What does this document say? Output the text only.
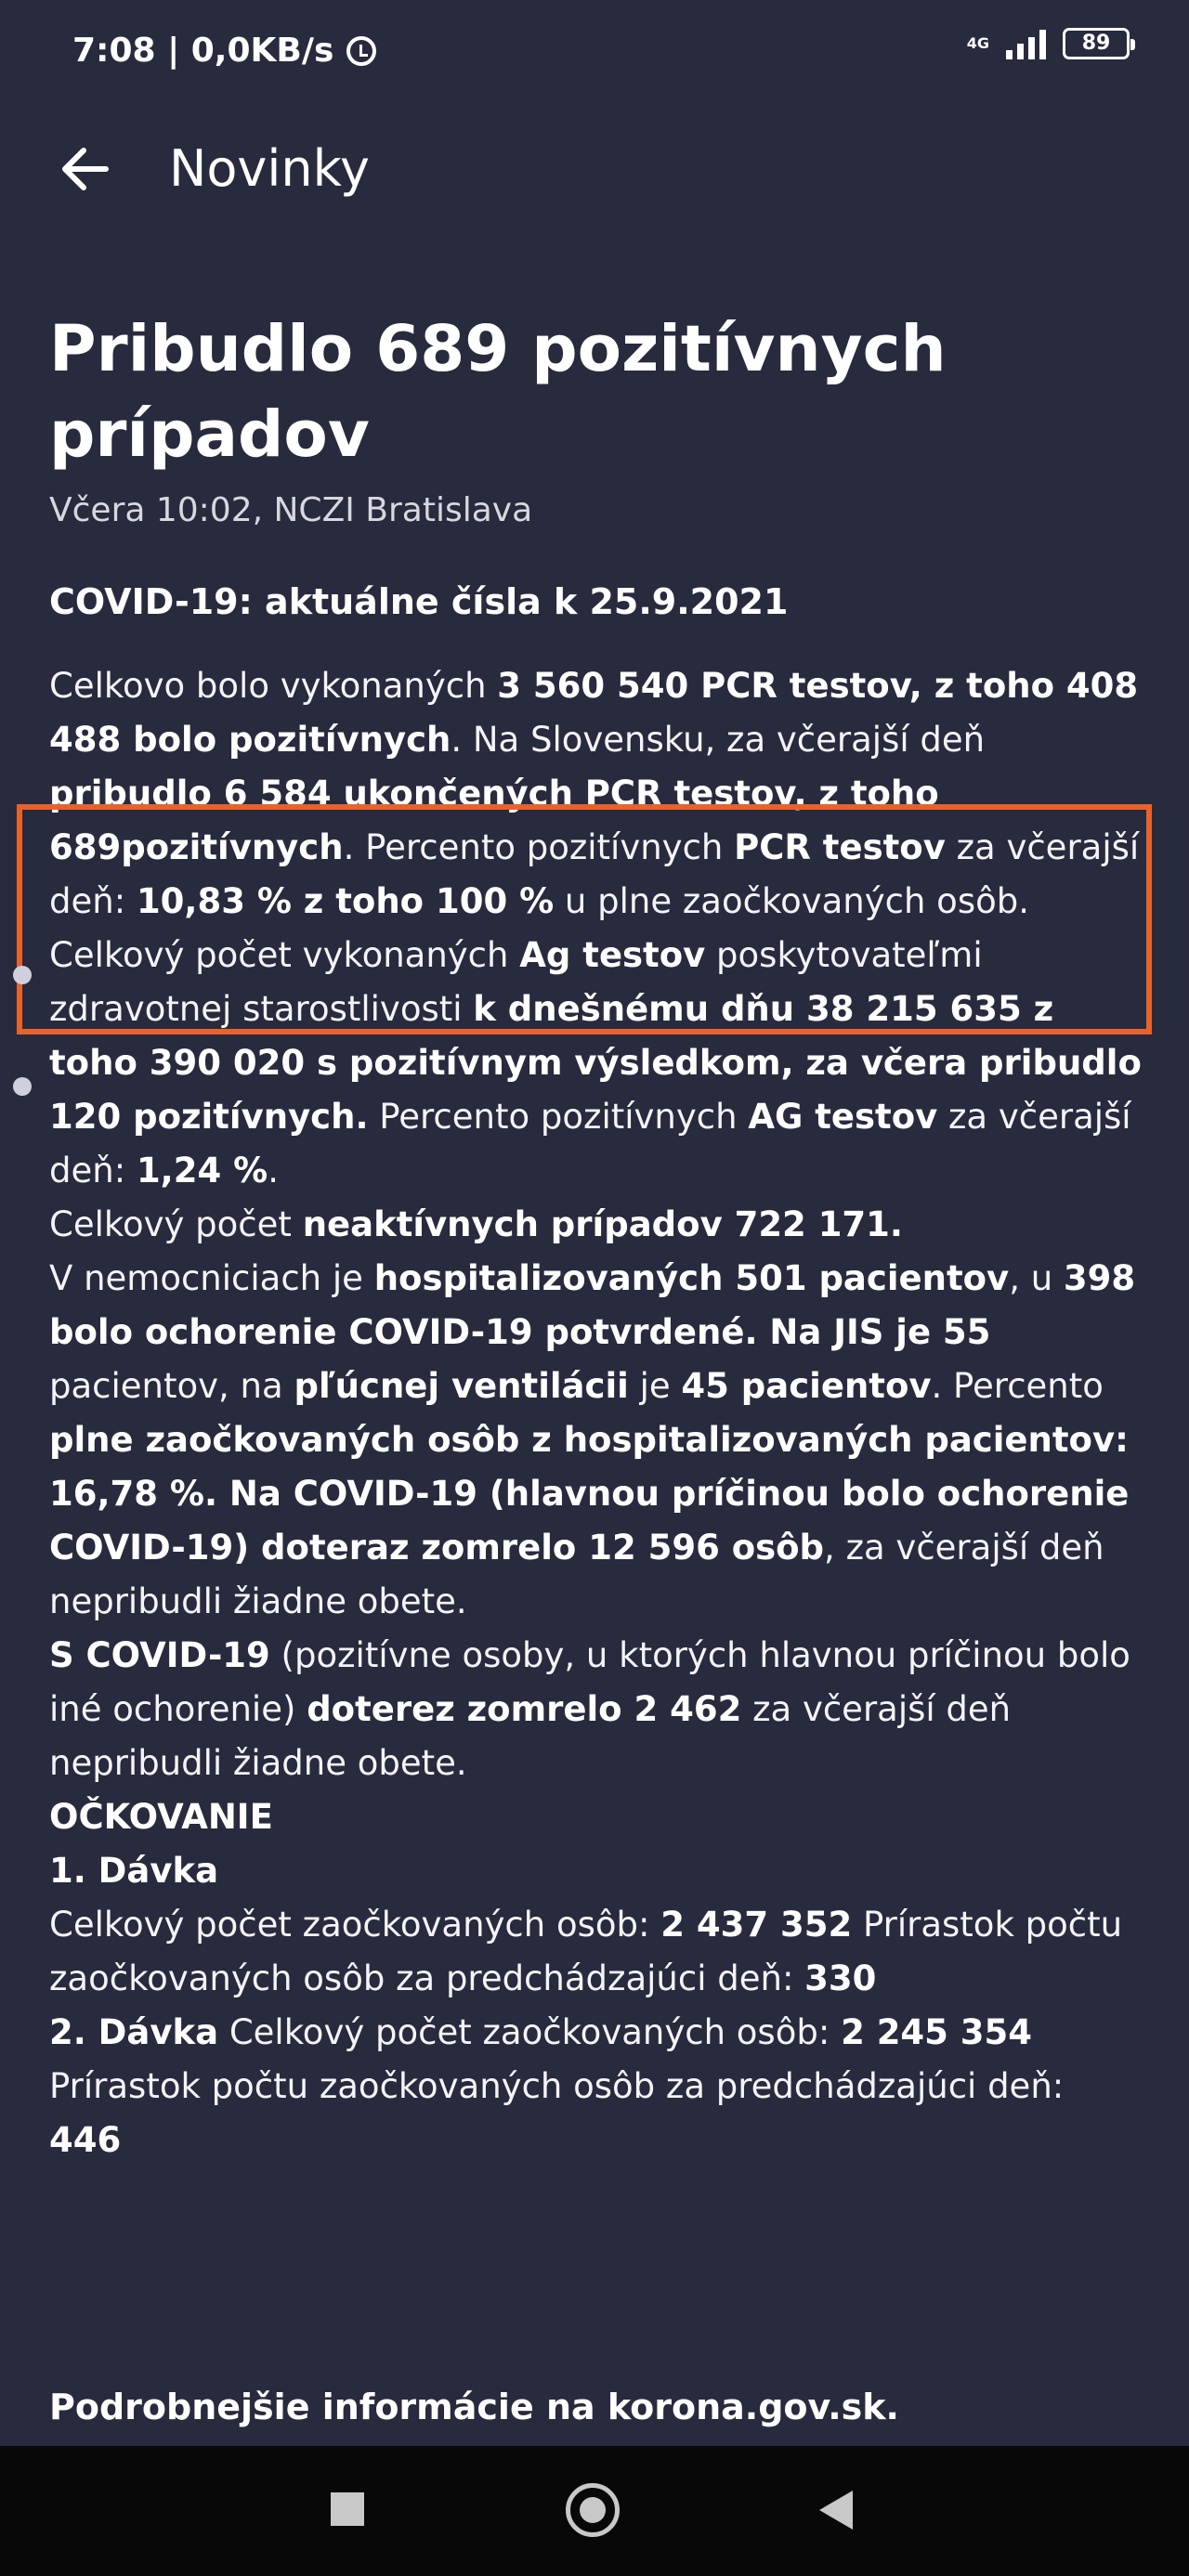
7:08 | 0,0KB/s	4G	89
Novinky
Pribudlo 689 pozitívnych prípadov
Včera 10:02, NCZI Bratislava
COVID-19: aktuálne čísla k 25.9.2021
Celkovo bolo vykonaných 3 560 540 PCR testov, z toho 408 488 bolo pozitívnych. Na Slovensku, za včerajší deň pribudlo 6 584 ukončených PCR testov, z toho 689pozitívnych. Percento pozitívnych PCR testov za včerajší deň: 10,83 % z toho 100 % u plne zaočkovaných osôb.
Celkový počet vykonaných Ag testov poskytovateľmi zdravotnej starostlivosti k dnešnému dňu 38 215 635 z toho 390 020 s pozitívnym výsledkom, za včera pribudlo 120 pozitívnych. Percento pozitívnych AG testov za včerajší deň: 1,24 %.
Celkový počet neaktívnych prípadov 722 171.
V nemocniciach je hospitalizovaných 501 pacientov, u 398 bolo ochorenie COVID-19 potvrdené. Na JIS je 55 pacientov, na pľúcnej ventilácii je 45 pacientov. Percento plne zaočkovaných osôb z hospitalizovaných pacientov: 16,78 %. Na COVID-19 (hlavnou príčinou bolo ochorenie COVID-19) doteraz zomrelo 12 596 osôb, za včerajší deň nepribudli žiadne obete.
S COVID-19 (pozitívne osoby, u ktorých hlavnou príčinou bolo iné ochorenie) doterez zomrelo 2 462 za včerajší deň nepribudli žiadne obete.
OČKOVANIE
1. Dávka
Celkový počet zaočkovaných osôb: 2 437 352 Prírastok počtu zaočkovaných osôb za predchádzajúci deň: 330
2. Dávka Celkový počet zaočkovaných osôb: 2 245 354 Prírastok počtu zaočkovaných osôb za predchádzajúci deň: 446
Podrobnejšie informácie na korona.gov.sk.
